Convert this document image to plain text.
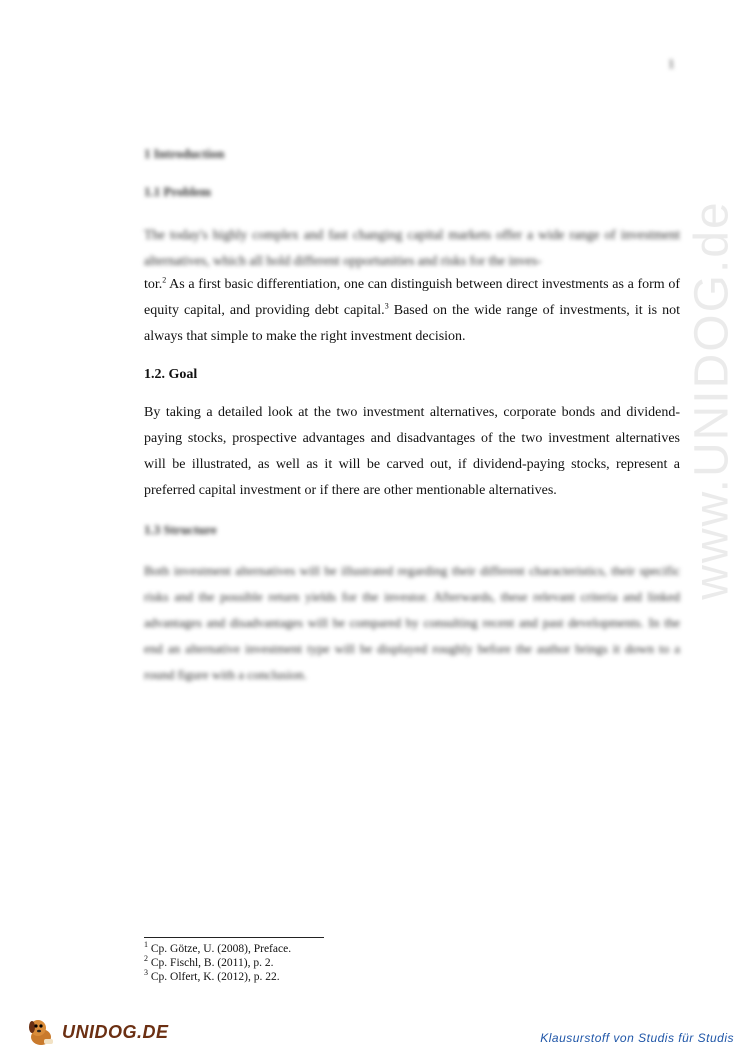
1
1 Introduction
1.1 Problem
The today's highly complex and fast changing capital markets offer a wide range of investment alternatives, which all hold different opportunities and risks for the inves-
tor.$^2$ As a first basic differentiation, one can distinguish between direct investments as a form of equity capital, and providing debt capital.$^3$ Based on the wide range of investments, it is not always that simple to make the right investment decision.
1.2. Goal
By taking a detailed look at the two investment alternatives, corporate bonds and dividend-paying stocks, prospective advantages and disadvantages of the two investment alternatives will be illustrated, as well as it will be carved out, if dividend-paying stocks, represent a preferred capital investment or if there are other mentionable alternatives.
1.3 Structure
Both investment alternatives will be illustrated regarding their different characteristics, their specific risks and the possible return yields for the investor. Afterwards, these relevant criteria and linked advantages and disadvantages will be compared by consulting recent and past developments. In the end an alternative investment type will be displayed roughly before the author brings it down to a round figure with a conclusion.
$^1$ Cp. Götze, U. (2008), Preface.
$^2$ Cp. Fischl, B. (2011), p. 2.
$^3$ Cp. Olfert, K. (2012), p. 22.
www.UNIDOG.de
UNIDOG.DE	Klausurstoff von Studis für Studis
